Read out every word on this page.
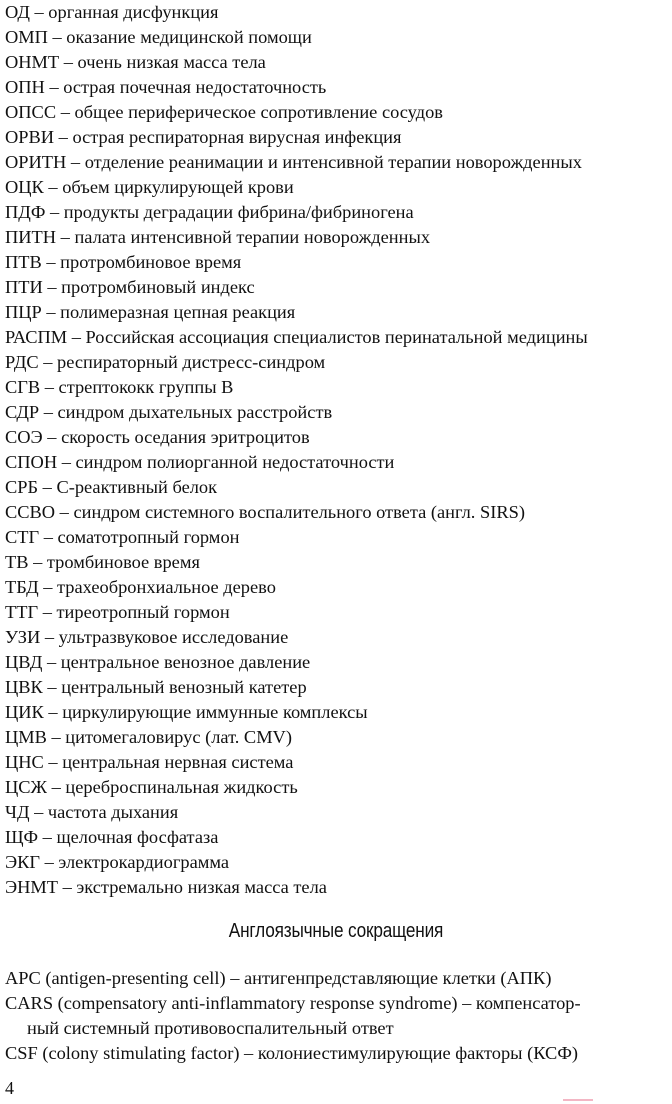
ОД – органная дисфункция
ОМП – оказание медицинской помощи
ОНМТ – очень низкая масса тела
ОПН – острая почечная недостаточность
ОПСС – общее периферическое сопротивление сосудов
ОРВИ – острая респираторная вирусная инфекция
ОРИТН – отделение реанимации и интенсивной терапии новорожденных
ОЦК – объем циркулирующей крови
ПДФ – продукты деградации фибрина/фибриногена
ПИТН – палата интенсивной терапии новорожденных
ПТВ – протромбиновое время
ПТИ – протромбиновый индекс
ПЦР – полимеразная цепная реакция
РАСПМ – Российская ассоциация специалистов перинатальной медицины
РДС – респираторный дистресс-синдром
СГВ – стрептококк группы В
СДР – синдром дыхательных расстройств
СОЭ – скорость оседания эритроцитов
СПОН – синдром полиорганной недостаточности
СРБ – С-реактивный белок
ССВО – синдром системного воспалительного ответа (англ. SIRS)
СТГ – соматотропный гормон
ТВ – тромбиновое время
ТБД – трахеобронхиальное дерево
ТТГ – тиреотропный гормон
УЗИ – ультразвуковое исследование
ЦВД – центральное венозное давление
ЦВК – центральный венозный катетер
ЦИК – циркулирующие иммунные комплексы
ЦМВ – цитомегаловирус (лат. CMV)
ЦНС – центральная нервная система
ЦСЖ – цереброспинальная жидкость
ЧД – частота дыхания
ЩФ – щелочная фосфатаза
ЭКГ – электрокардиограмма
ЭНМТ – экстремально низкая масса тела
Англоязычные сокращения
APC (antigen-presenting cell) – антигенпредставляющие клетки (АПК)
CARS (compensatory anti-inflammatory response syndrome) – компенсатор-
ный системный противовоспалительный ответ
CSF (colony stimulating factor) – колониестимулирующие факторы (КСФ)
4
